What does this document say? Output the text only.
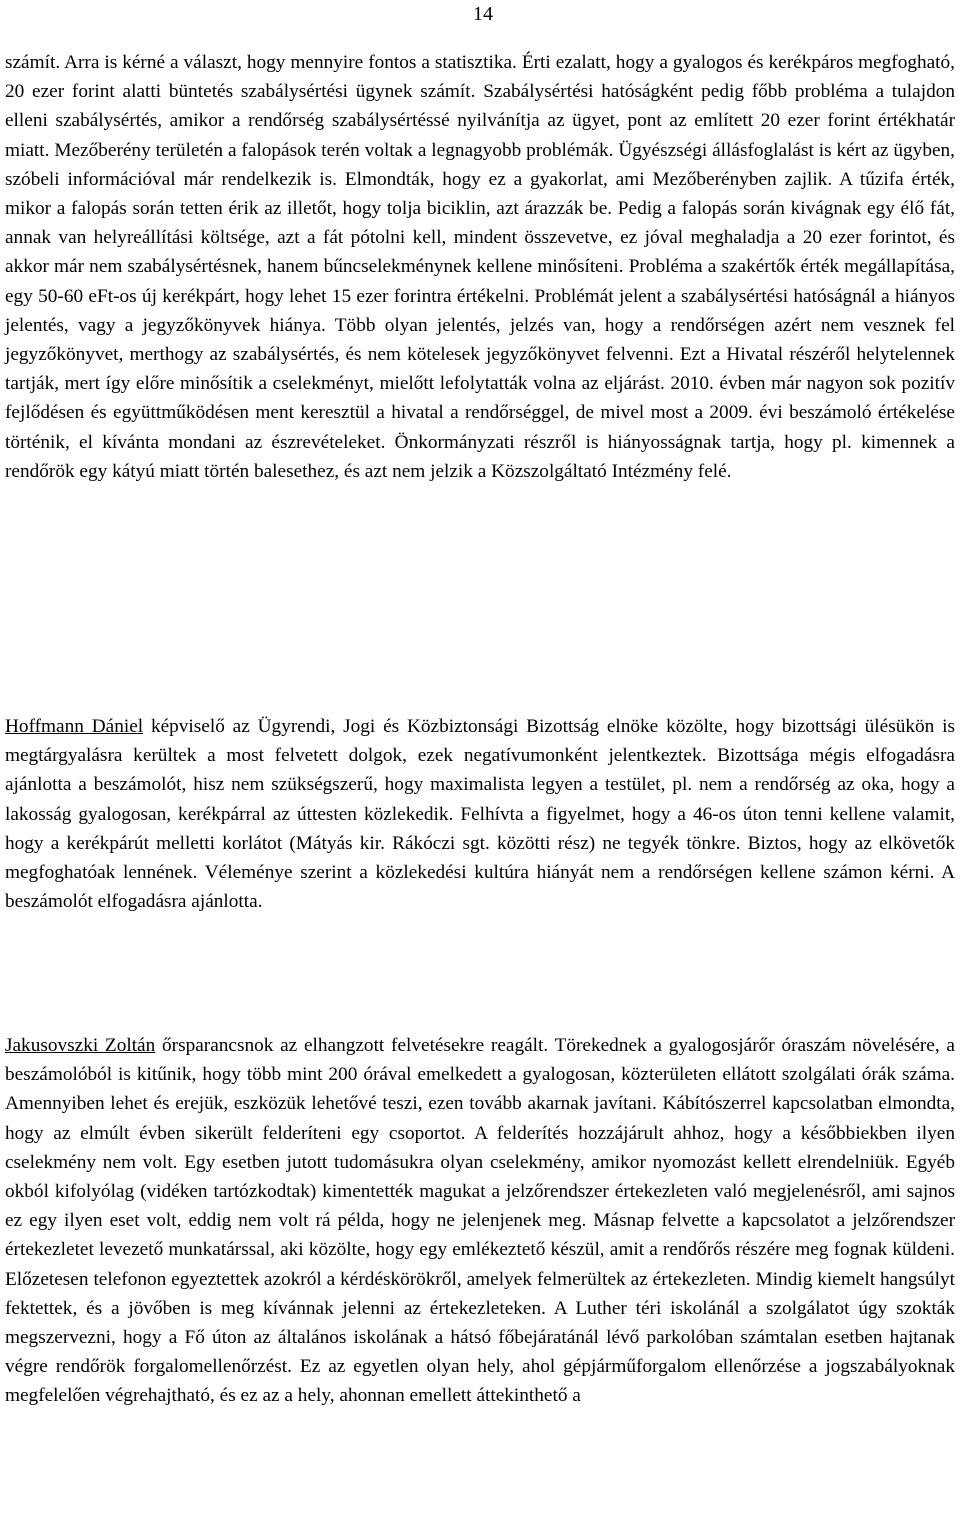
14

számít. Arra is kérné a választ, hogy mennyire fontos a statisztika. Érti ezalatt, hogy a gyalogos és kerékpáros megfogható, 20 ezer forint alatti büntetés szabálysértési ügynek számít. Szabálysértési hatóságként pedig főbb probléma a tulajdon elleni szabálysértés, amikor a rendőrség szabálysértéssé nyilvánítja az ügyet, pont az említett 20 ezer forint értékhatár miatt. Mezőberény területén a falopások terén voltak a legnagyobb problémák. Ügyészségi állásfoglalást is kért az ügyben, szóbeli információval már rendelkezik is. Elmondták, hogy ez a gyakorlat, ami Mezőberényben zajlik. A tűzifa érték, mikor a falopás során tetten érik az illetőt, hogy tolja biciklin, azt árazzák be. Pedig a falopás során kivágnak egy élő fát, annak van helyreállítási költsége, azt a fát pótolni kell, mindent összevetve, ez jóval meghaladja a 20 ezer forintot, és akkor már nem szabálysértésnek, hanem bűncselekménynek kellene minősíteni. Probléma a szakértők érték megállapítása, egy 50-60 eFt-os új kerékpárt, hogy lehet 15 ezer forintra értékelni. Problémát jelent a szabálysértési hatóságnál a hiányos jelentés, vagy a jegyzőkönyvek hiánya. Több olyan jelentés, jelzés van, hogy a rendőrségen azért nem vesznek fel jegyzőkönyvet, merthogy az szabálysértés, és nem kötelesek jegyzőkönyvet felvenni. Ezt a Hivatal részéről helytelennek tartják, mert így előre minősítik a cselekményt, mielőtt lefolytatták volna az eljárást. 2010. évben már nagyon sok pozitív fejlődésen és együttműködésen ment keresztül a hivatal a rendőrséggel, de mivel most a 2009. évi beszámoló értékelése történik, el kívánta mondani az észrevételeket. Önkormányzati részről is hiányosságnak tartja, hogy pl. kimennek a rendőrök egy kátyú miatt történ balesethez, és azt nem jelzik a Közszolgáltató Intézmény felé.

Hoffmann Dániel képviselő az Ügyrendi, Jogi és Közbiztonsági Bizottság elnöke közölte, hogy bizottsági ülésükön is megtárgyalásra kerültek a most felvetett dolgok, ezek negatívumonként jelentkeztek. Bizottsága mégis elfogadásra ajánlotta a beszámolót, hisz nem szükségszerű, hogy maximalista legyen a testület, pl. nem a rendőrség az oka, hogy a lakosság gyalogosan, kerékpárral az úttesten közlekedik. Felhívta a figyelmet, hogy a 46-os úton tenni kellene valamit, hogy a kerékpárút melletti korlátot (Mátyás kir. Rákóczi sgt. közötti rész) ne tegyék tönkre. Biztos, hogy az elkövetők megfoghatóak lennének. Véleménye szerint a közlekedési kultúra hiányát nem a rendőrségen kellene számon kérni. A beszámolót elfogadásra ajánlotta.

Jakusovszki Zoltán őrsparancsnok az elhangzott felvetésekre reagált. Törekednek a gyalogosjárőr óraszám növelésére, a beszámolóból is kitűnik, hogy több mint 200 órával emelkedett a gyalogosan, közterületen ellátott szolgálati órák száma. Amennyiben lehet és erejük, eszközük lehetővé teszi, ezen tovább akarnak javítani. Kábítószerrel kapcsolatban elmondta, hogy az elmúlt évben sikerült felderíteni egy csoportot. A felderítés hozzájárult ahhoz, hogy a későbbiekben ilyen cselekmény nem volt. Egy esetben jutott tudomásukra olyan cselekmény, amikor nyomozást kellett elrendelniük. Egyéb okból kifolyólag (vidéken tartózkodtak) kimentették magukat a jelzőrendszer értekezleten való megjelenésről, ami sajnos ez egy ilyen eset volt, eddig nem volt rá példa, hogy ne jelenjenek meg. Másnap felvette a kapcsolatot a jelzőrendszer értekezletet levezető munkatárssal, aki közölte, hogy egy emlékeztető készül, amit a rendőrős részére meg fognak küldeni. Előzetesen telefonon egyeztettek azokról a kérdéskörökről, amelyek felmerültek az értekezleten. Mindig kiemelt hangsúlyt fektettek, és a jövőben is meg kívánnak jelenni az értekezleteken. A Luther téri iskolánál a szolgálatot úgy szokták megszervezni, hogy a Fő úton az általános iskolának a hátsó főbejáratánál lévő parkolóban számtalan esetben hajtanak végre rendőrök forgalomellenőrzést. Ez az egyetlen olyan hely, ahol gépjárműforgalom ellenőrzése a jogszabályoknak megfelelően végrehajtható, és ez az a hely, ahonnan emellett áttekinthető a
